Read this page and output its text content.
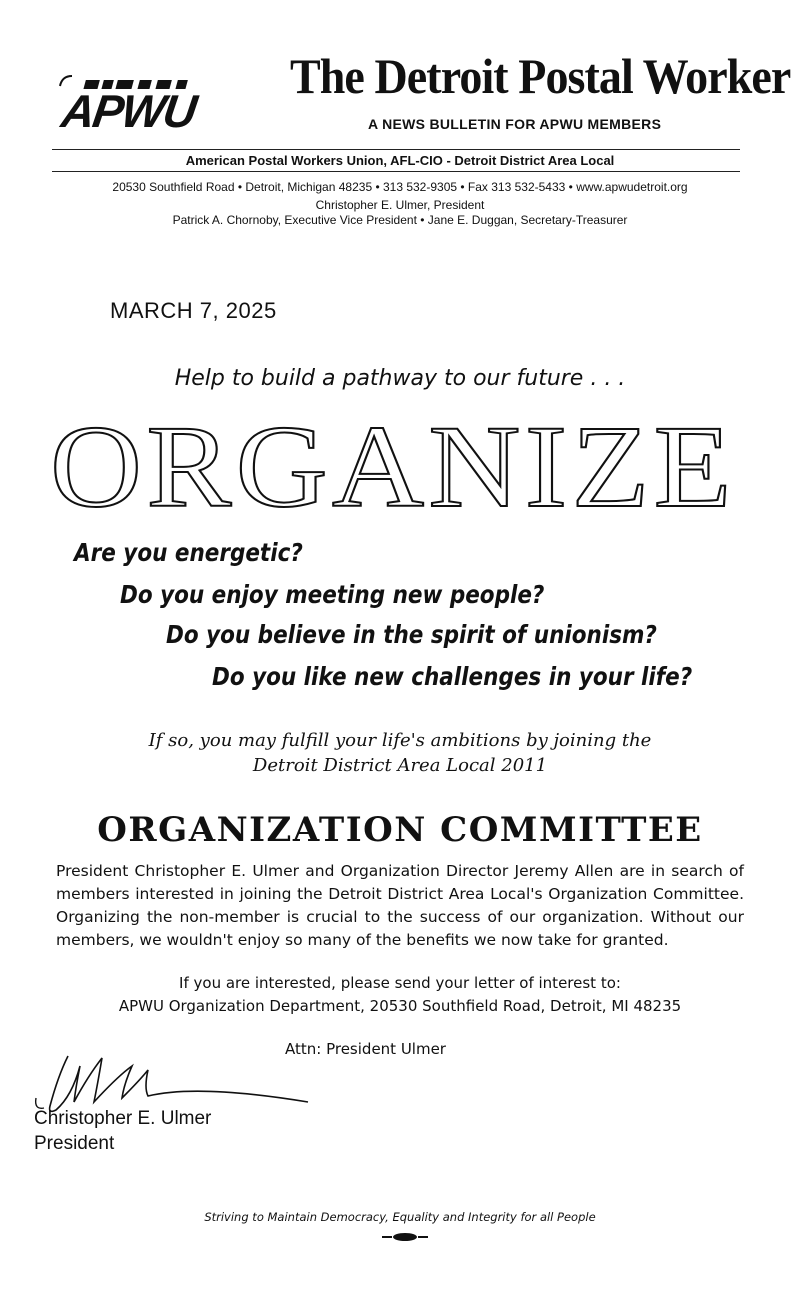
APWU
The Detroit Postal Worker
A NEWS BULLETIN FOR APWU MEMBERS
American Postal Workers Union, AFL-CIO - Detroit District Area Local
20530 Southfield Road • Detroit, Michigan 48235 • 313 532-9305 • Fax 313 532-5433 • www.apwudetroit.org
Christopher E. Ulmer, President
Patrick A. Chornoby, Executive Vice President • Jane E. Duggan, Secretary-Treasurer
MARCH 7, 2025
Help to build a pathway to our future . . .
ORGANIZE
Are you energetic?
Do you enjoy meeting new people?
Do you believe in the spirit of unionism?
Do you like new challenges in your life?
If so, you may fulfill your life's ambitions by joining the
Detroit District Area Local 2011
ORGANIZATION COMMITTEE
President Christopher E. Ulmer and Organization Director Jeremy Allen are in search of members interested in joining the Detroit District Area Local's Organization Committee. Organizing the non-member is crucial to the success of our organization. Without our members, we wouldn't enjoy so many of the benefits we now take for granted.
If you are interested, please send your letter of interest to:
APWU Organization Department, 20530 Southfield Road, Detroit, MI 48235
Attn: President Ulmer
Christopher E. Ulmer
President
Striving to Maintain Democracy, Equality and Integrity for all People
